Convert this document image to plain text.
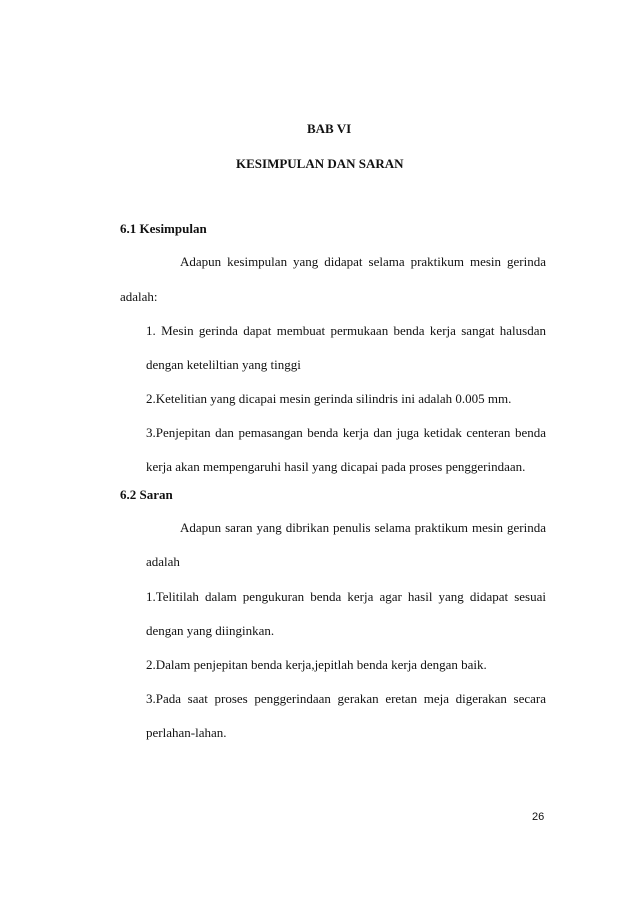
BAB VI
KESIMPULAN DAN SARAN
6.1 Kesimpulan
Adapun kesimpulan yang didapat selama praktikum mesin gerinda
adalah:
1. Mesin gerinda dapat membuat permukaan benda kerja sangat halusdan
dengan keteliltian yang tinggi
2.Ketelitian yang dicapai mesin gerinda silindris ini adalah 0.005 mm.
3.Penjepitan dan pemasangan benda kerja dan juga ketidak centeran benda
kerja akan mempengaruhi hasil yang dicapai pada proses penggerindaan.
6.2 Saran
Adapun saran yang dibrikan penulis selama praktikum mesin gerinda
adalah
1.Telitilah dalam pengukuran benda kerja agar hasil yang didapat sesuai
dengan yang diinginkan.
2.Dalam penjepitan benda kerja,jepitlah benda kerja dengan baik.
3.Pada saat proses penggerindaan gerakan eretan meja digerakan secara
perlahan-lahan.
26
